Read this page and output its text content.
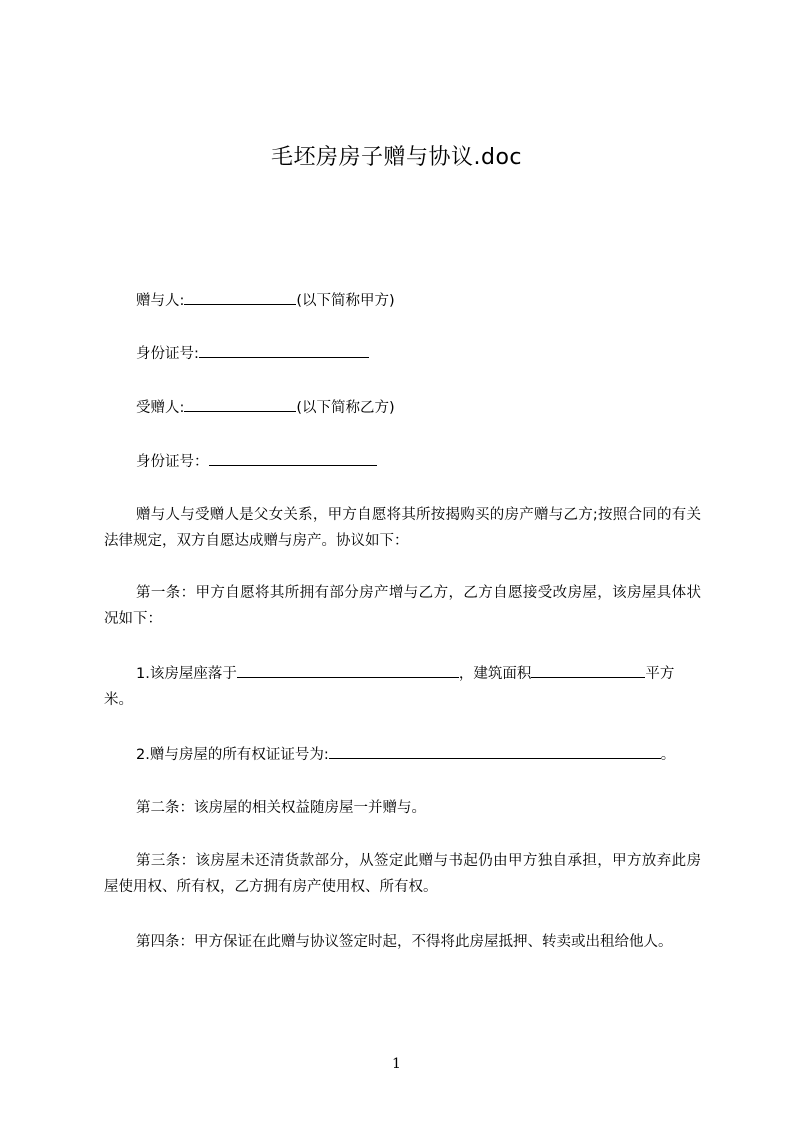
毛坯房房子赠与协议.doc
赠与人:	(以下简称甲方)
身份证号:
受赠人:	(以下简称乙方)
身份证号：
赠与人与受赠人是父女关系，甲方自愿将其所按揭购买的房产赠与乙方;按照合同的有关法律规定，双方自愿达成赠与房产。协议如下：
第一条：甲方自愿将其所拥有部分房产增与乙方，乙方自愿接受改房屋，该房屋具体状况如下：
1.该房屋座落于	，建筑面积	平方米。
2.赠与房屋的所有权证证号为:	。
第二条：该房屋的相关权益随房屋一并赠与。
第三条：该房屋未还清货款部分，从签定此赠与书起仍由甲方独自承担，甲方放弃此房屋使用权、所有权，乙方拥有房产使用权、所有权。
第四条：甲方保证在此赠与协议签定时起，不得将此房屋抵押、转卖或出租给他人。
1
